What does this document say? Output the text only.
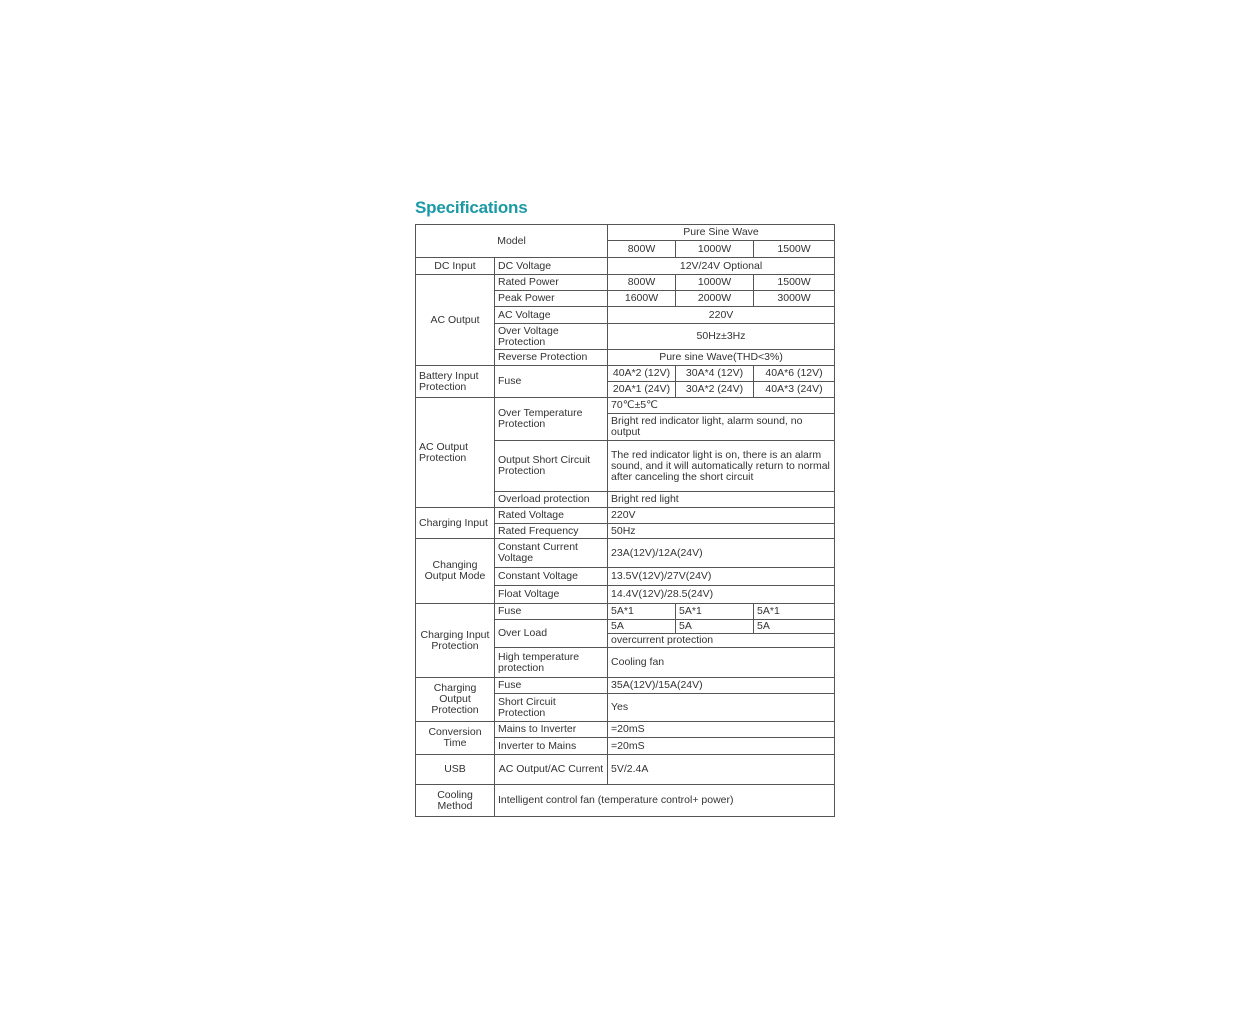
Specifications
Model		Pure Sine Wave		
		800W	1000W	1500W
DC Input	DC Voltage	12V/24V Optional		
AC Output	Rated Power	800W	1000W	1500W
	Peak Power	1600W	2000W	3000W
	AC Voltage	220V		
	Over Voltage Protection	50Hz±3Hz		
	Reverse Protection	Pure sine Wave(THD<3%)		
Battery Input Protection	Fuse	40A*2 (12V)	30A*4 (12V)	40A*6 (12V)
		20A*1 (24V)	30A*2 (24V)	40A*3 (24V)
AC Output Protection	Over Temperature Protection	70℃±5℃		
		Bright red indicator light, alarm sound, no output		
	Output Short Circuit Protection	The red indicator light is on, there is an alarm sound, and it will automatically return to normal after canceling the short circuit		
	Overload protection	Bright red light		
Charging Input	Rated Voltage	220V		
	Rated Frequency	50Hz		
Changing Output Mode	Constant Current Voltage	23A(12V)/12A(24V)		
	Constant Voltage	13.5V(12V)/27V(24V)		
	Float Voltage	14.4V(12V)/28.5(24V)		
Charging Input Protection	Fuse	5A*1	5A*1	5A*1
	Over Load	5A	5A	5A
		overcurrent protection		
	High temperature protection	Cooling fan		
Charging Output Protection	Fuse	35A(12V)/15A(24V)		
	Short Circuit Protection	Yes		
Conversion Time	Mains to Inverter	=20mS		
	Inverter to Mains	=20mS		
USB	AC Output/AC Current	5V/2.4A		
Cooling Method	Intelligent control fan (temperature control+ power)			
